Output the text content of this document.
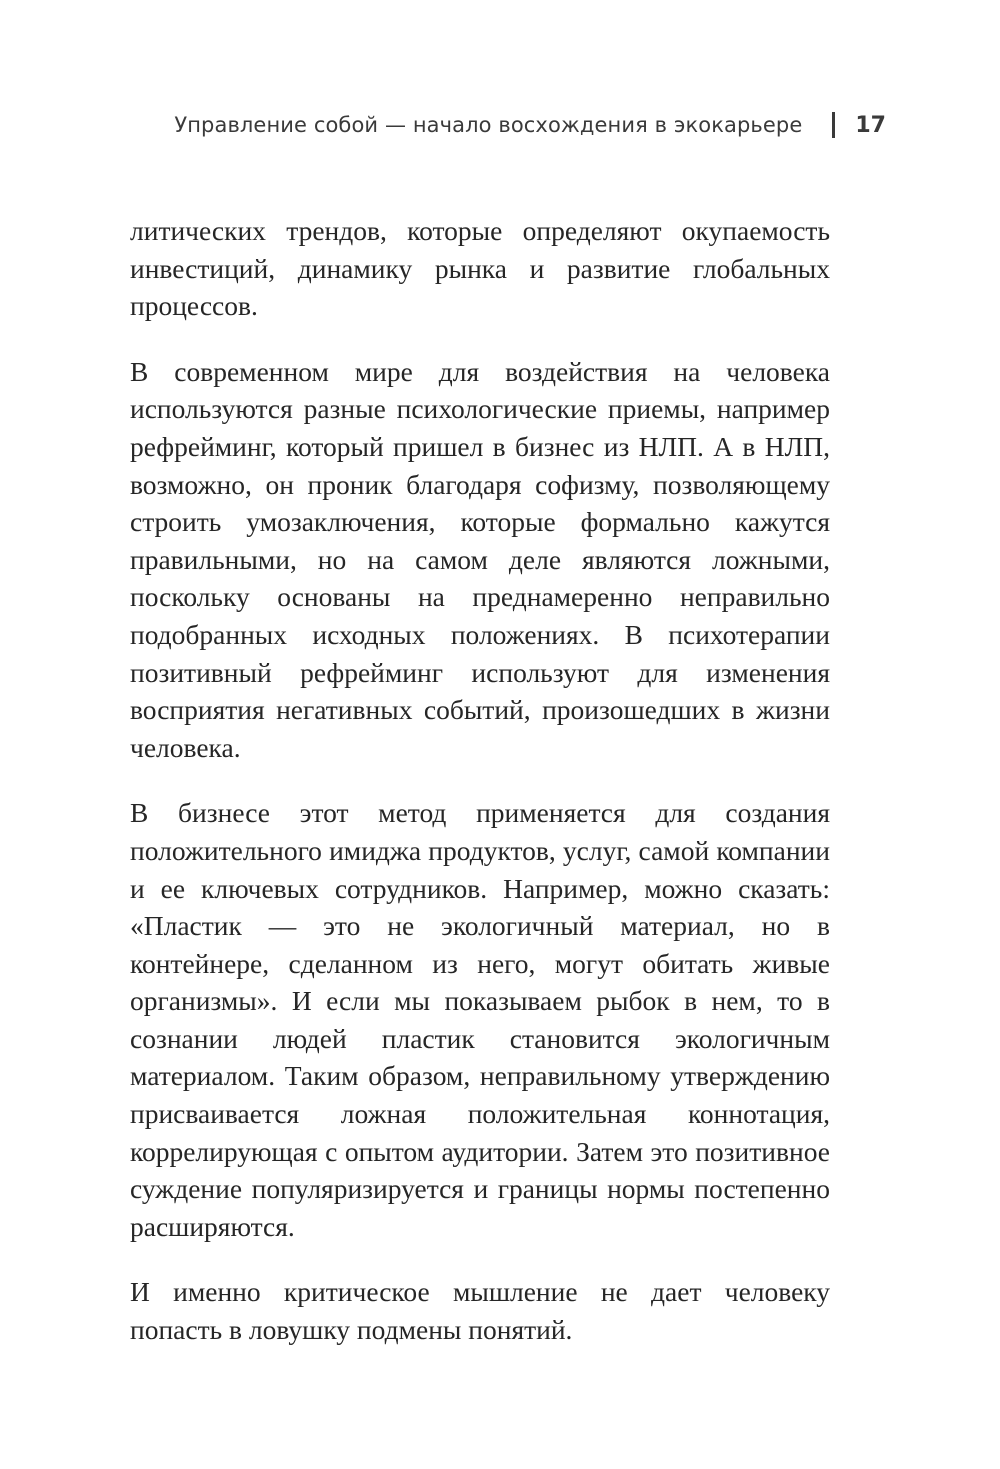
Управление собой — начало восхождения в экокарьере 17

литических трендов, которые определяют окупаемость инвестиций, динамику рынка и развитие глобальных процессов.

В современном мире для воздействия на человека используются разные психологические приемы, например рефрейминг, который пришел в бизнес из НЛП. А в НЛП, возможно, он проник благодаря софизму, позволяющему строить умозаключения, которые формально кажутся правильными, но на самом деле являются ложными, поскольку основаны на преднамеренно неправильно подобранных исходных положениях. В психотерапии позитивный рефрейминг используют для изменения восприятия негативных событий, произошедших в жизни человека.

В бизнесе этот метод применяется для создания положительного имиджа продуктов, услуг, самой компании и ее ключевых сотрудников. Например, можно сказать: «Пластик — это не экологичный материал, но в контейнере, сделанном из него, могут обитать живые организмы». И если мы показываем рыбок в нем, то в сознании людей пластик становится экологичным материалом. Таким образом, неправильному утверждению присваивается ложная положительная коннотация, коррелирующая с опытом аудитории. Затем это позитивное суждение популяризируется и границы нормы постепенно расширяются.

И именно критическое мышление не дает человеку попасть в ловушку подмены понятий.
